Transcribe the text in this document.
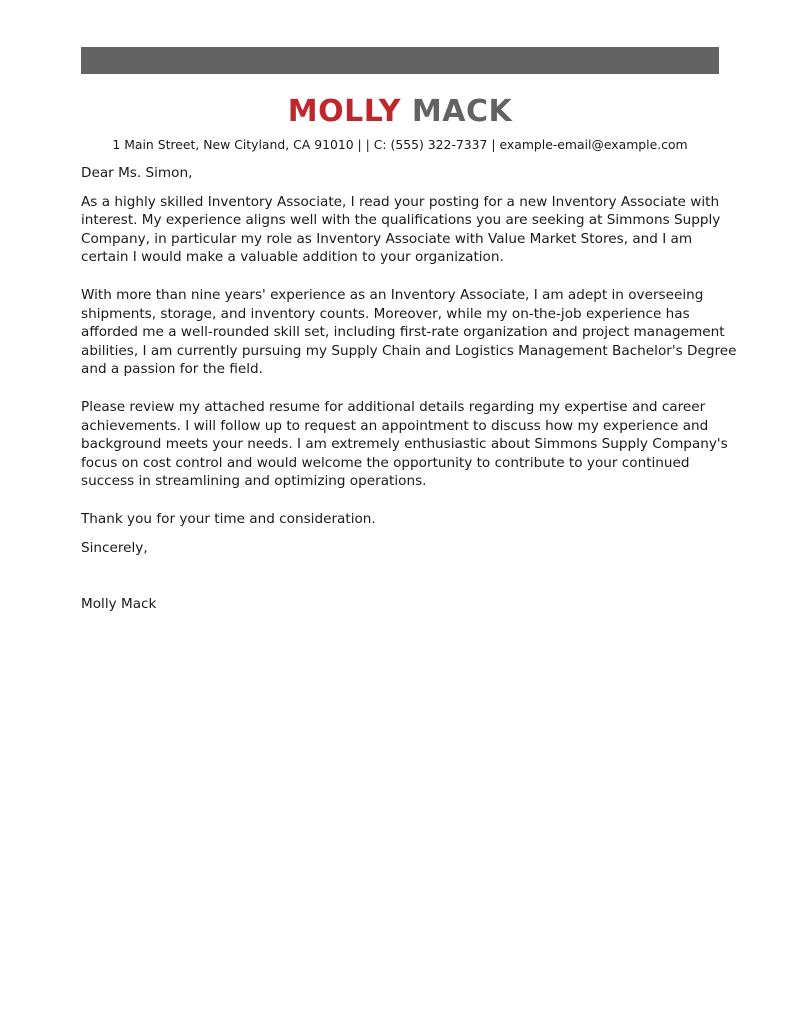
MOLLY MACK
1 Main Street, New Cityland, CA 91010 | | C: (555) 322-7337 | example-email@example.com

Dear Ms. Simon,

As a highly skilled Inventory Associate, I read your posting for a new Inventory Associate with
interest. My experience aligns well with the qualifications you are seeking at Simmons Supply
Company, in particular my role as Inventory Associate with Value Market Stores, and I am
certain I would make a valuable addition to your organization.

With more than nine years' experience as an Inventory Associate, I am adept in overseeing
shipments, storage, and inventory counts. Moreover, while my on-the-job experience has
afforded me a well-rounded skill set, including first-rate organization and project management
abilities, I am currently pursuing my Supply Chain and Logistics Management Bachelor's Degree
and a passion for the field.

Please review my attached resume for additional details regarding my expertise and career
achievements. I will follow up to request an appointment to discuss how my experience and
background meets your needs. I am extremely enthusiastic about Simmons Supply Company's
focus on cost control and would welcome the opportunity to contribute to your continued
success in streamlining and optimizing operations.

Thank you for your time and consideration.

Sincerely,

Molly Mack
